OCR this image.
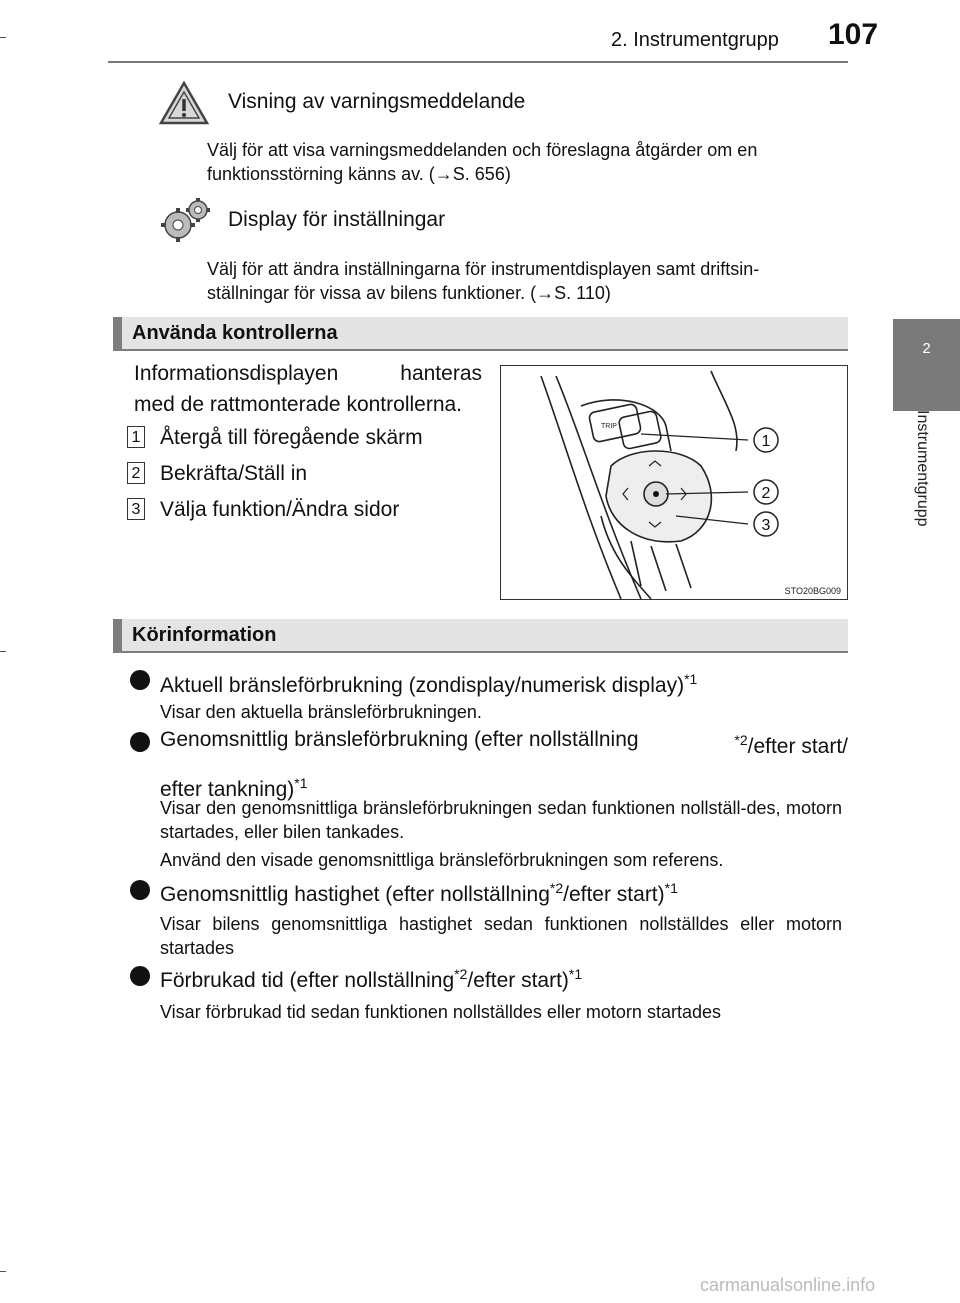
2. Instrumentgrupp 107
2
Instrumentgrupp
Visning av varningsmeddelande
Välj för att visa varningsmeddelanden och föreslagna åtgärder om en
funktionsstörning känns av. (→S. 656)
Display för inställningar
Välj för att ändra inställningarna för instrumentdisplayen samt driftsin-
ställningar för vissa av bilens funktioner. (→S. 110)
Använda kontrollerna
Informationsdisplayen hanteras
med de rattmonterade kontrollerna.
1 Återgå till föregående skärm
2 Bekräfta/Ställ in
3 Välja funktion/Ändra sidor
TRIP
1
2
3
STO20BG009
Körinformation
Aktuell bränsleförbrukning (zondisplay/numerisk display)$^{*1}$
Visar den aktuella bränsleförbrukningen.
Genomsnittlig bränsleförbrukning (efter nollställning	$^{*2}$/efter start/
efter tankning)$^{*1}$
Visar den genomsnittliga bränsleförbrukningen sedan funktionen nollställ-des, motorn startades, eller bilen tankades.
Använd den visade genomsnittliga bränsleförbrukningen som referens.
Genomsnittlig hastighet (efter nollställning$^{*2}$/efter start)$^{*1}$
Visar bilens genomsnittliga hastighet sedan funktionen nollställdes eller motorn startades
Förbrukad tid (efter nollställning$^{*2}$/efter start)$^{*1}$
Visar förbrukad tid sedan funktionen nollställdes eller motorn startades
carmanualsonline.info
